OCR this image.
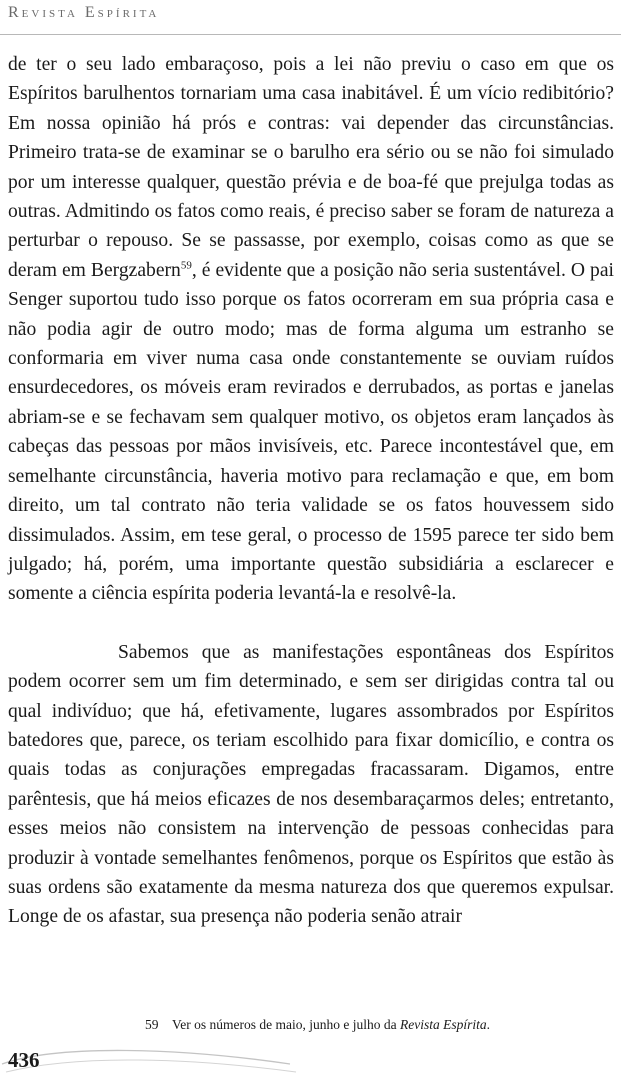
Revista Espírita

de ter o seu lado embaraçoso, pois a lei não previu o caso em que os Espíritos barulhentos tornariam uma casa inabitável. É um vício redibitório? Em nossa opinião há prós e contras: vai depender das circunstâncias. Primeiro trata-se de examinar se o barulho era sério ou se não foi simulado por um interesse qualquer, questão prévia e de boa-fé que prejulga todas as outras. Admitindo os fatos como reais, é preciso saber se foram de natureza a perturbar o repouso. Se se passasse, por exemplo, coisas como as que se deram em Bergzabern$^{59}$, é evidente que a posição não seria sustentável. O pai Senger suportou tudo isso porque os fatos ocorreram em sua própria casa e não podia agir de outro modo; mas de forma alguma um estranho se conformaria em viver numa casa onde constantemente se ouviam ruídos ensurdecedores, os móveis eram revirados e derrubados, as portas e janelas abriam-se e se fechavam sem qualquer motivo, os objetos eram lançados às cabeças das pessoas por mãos invisíveis, etc. Parece incontestável que, em semelhante circunstância, haveria motivo para reclamação e que, em bom direito, um tal contrato não teria validade se os fatos houvessem sido dissimulados. Assim, em tese geral, o processo de 1595 parece ter sido bem julgado; há, porém, uma importante questão subsidiária a esclarecer e somente a ciência espírita poderia levantá-la e resolvê-la.

Sabemos que as manifestações espontâneas dos Espíritos podem ocorrer sem um fim determinado, e sem ser dirigidas contra tal ou qual indivíduo; que há, efetivamente, lugares assombrados por Espíritos batedores que, parece, os teriam escolhido para fixar domicílio, e contra os quais todas as conjurações empregadas fracassaram. Digamos, entre parêntesis, que há meios eficazes de nos desembaraçarmos deles; entretanto, esses meios não consistem na intervenção de pessoas conhecidas para produzir à vontade semelhantes fenômenos, porque os Espíritos que estão às suas ordens são exatamente da mesma natureza dos que queremos expulsar. Longe de os afastar, sua presença não poderia senão atrair

59 Ver os números de maio, junho e julho da Revista Espírita.
436
